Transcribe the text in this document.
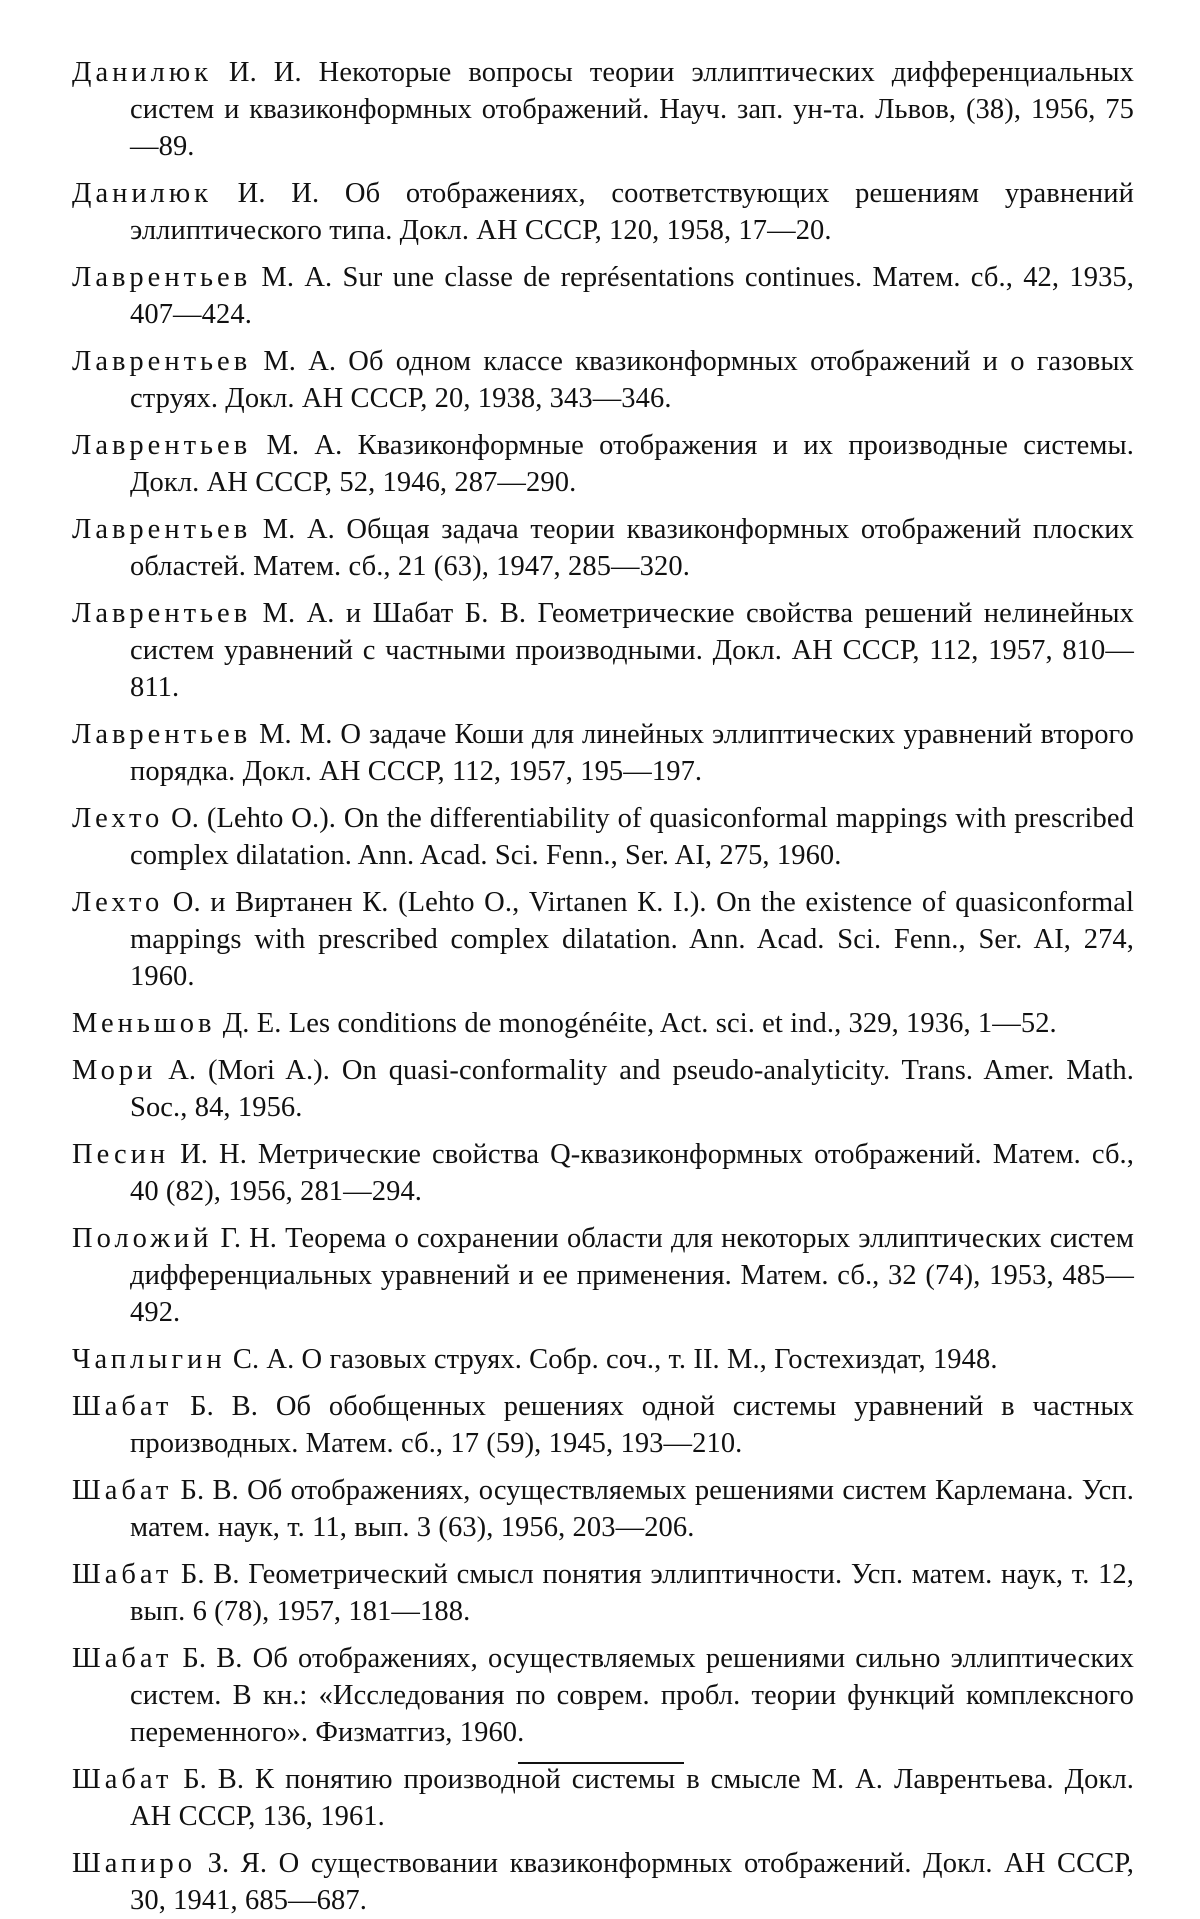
Данилюк И. И. Некоторые вопросы теории эллиптических дифференциальных систем и квазиконформных отображений. Науч. зап. ун-та. Львов, (38), 1956, 75—89.

Данилюк И. И. Об отображениях, соответствующих решениям уравнений эллиптического типа. Докл. АН СССР, 120, 1958, 17—20.

Лаврентьев М. А. Sur une classe de représentations continues. Матем. сб., 42, 1935, 407—424.

Лаврентьев М. А. Об одном классе квазиконформных отображений и о газовых струях. Докл. АН СССР, 20, 1938, 343—346.

Лаврентьев М. А. Квазиконформные отображения и их производные системы. Докл. АН СССР, 52, 1946, 287—290.

Лаврентьев М. А. Общая задача теории квазиконформных отображений плоских областей. Матем. сб., 21 (63), 1947, 285—320.

Лаврентьев М. А. и Шабат Б. В. Геометрические свойства решений нелинейных систем уравнений с частными производными. Докл. АН СССР, 112, 1957, 810—811.

Лаврентьев М. М. О задаче Коши для линейных эллиптических уравнений второго порядка. Докл. АН СССР, 112, 1957, 195—197.

Лехто О. (Lehto О.). On the differentiability of quasiconformal mappings with prescribed complex dilatation. Ann. Acad. Sci. Fenn., Ser. AI, 275, 1960.

Лехто О. и Виртанен К. (Lehto О., Virtanen К. I.). On the existence of quasiconformal mappings with prescribed complex dilatation. Ann. Acad. Sci. Fenn., Ser. AI, 274, 1960.

Меньшов Д. Е. Les conditions de monogénéite, Act. sci. et ind., 329, 1936, 1—52.

Мори А. (Mori A.). On quasi-conformality and pseudo-analyticity. Trans. Amer. Math. Soc., 84, 1956.

Песин И. Н. Метрические свойства Q-квазиконформных отображений. Матем. сб., 40 (82), 1956, 281—294.

Положий Г. Н. Теорема о сохранении области для некоторых эллиптических систем дифференциальных уравнений и ее применения. Матем. сб., 32 (74), 1953, 485—492.

Чаплыгин С. А. О газовых струях. Собр. соч., т. II. М., Гостехиздат, 1948.

Шабат Б. В. Об обобщенных решениях одной системы уравнений в частных производных. Матем. сб., 17 (59), 1945, 193—210.

Шабат Б. В. Об отображениях, осуществляемых решениями систем Карлемана. Усп. матем. наук, т. 11, вып. 3 (63), 1956, 203—206.

Шабат Б. В. Геометрический смысл понятия эллиптичности. Усп. матем. наук, т. 12, вып. 6 (78), 1957, 181—188.

Шабат Б. В. Об отображениях, осуществляемых решениями сильно эллиптических систем. В кн.: «Исследования по соврем. пробл. теории функций комплексного переменного». Физматгиз, 1960.

Шабат Б. В. К понятию производной системы в смысле М. А. Лаврентьева. Докл. АН СССР, 136, 1961.

Шапиро З. Я. О существовании квазиконформных отображений. Докл. АН СССР, 30, 1941, 685—687.
